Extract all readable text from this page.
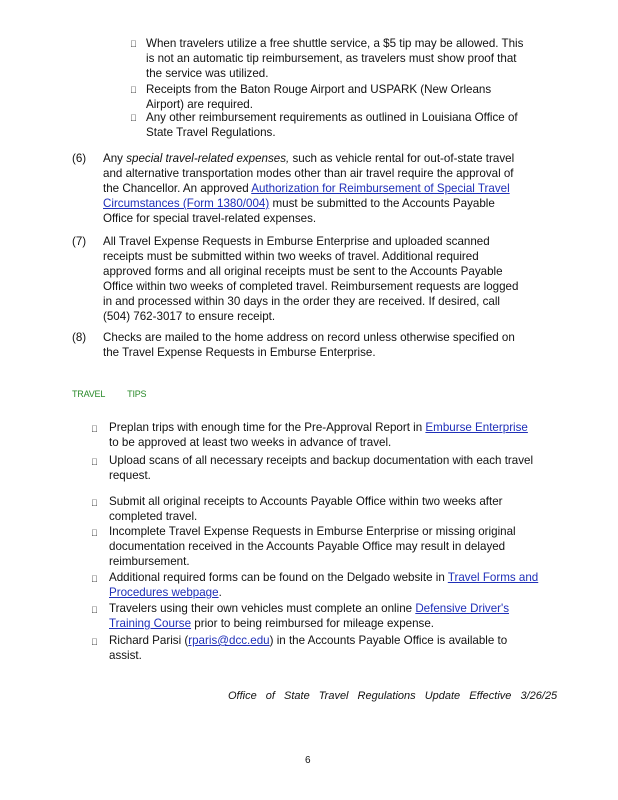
When travelers utilize a free shuttle service, a $5 tip may be allowed. This
is not an automatic tip reimbursement, as travelers must show proof that
the service was utilized.
Receipts from the Baton Rouge Airport and USPARK (New Orleans
Airport) are required.
Any other reimbursement requirements as outlined in Louisiana Office of
State Travel Regulations.
(6) Any special travel-related expenses, such as vehicle rental for out-of-state travel
and alternative transportation modes other than air travel require the approval of
the Chancellor. An approved Authorization for Reimbursement of Special Travel
Circumstances (Form 1380/004) must be submitted to the Accounts Payable
Office for special travel-related expenses.
(7) All Travel Expense Requests in Emburse Enterprise and uploaded scanned
receipts must be submitted within two weeks of travel. Additional required
approved forms and all original receipts must be sent to the Accounts Payable
Office within two weeks of completed travel. Reimbursement requests are logged
in and processed within 30 days in the order they are received. If desired, call
(504) 762-3017 to ensure receipt.
(8) Checks are mailed to the home address on record unless otherwise specified on
the Travel Expense Requests in Emburse Enterprise.
TRAVEL TIPS
Preplan trips with enough time for the Pre-Approval Report in Emburse Enterprise
to be approved at least two weeks in advance of travel.
Upload scans of all necessary receipts and backup documentation with each travel
request.
Submit all original receipts to Accounts Payable Office within two weeks after
completed travel.
Incomplete Travel Expense Requests in Emburse Enterprise or missing original
documentation received in the Accounts Payable Office may result in delayed
reimbursement.
Additional required forms can be found on the Delgado website in Travel Forms and
Procedures webpage.
Travelers using their own vehicles must complete an online Defensive Driver's
Training Course prior to being reimbursed for mileage expense.
Richard Parisi (rparis@dcc.edu) in the Accounts Payable Office is available to
assist.
Office of State Travel Regulations Update Effective 3/26/25
6
